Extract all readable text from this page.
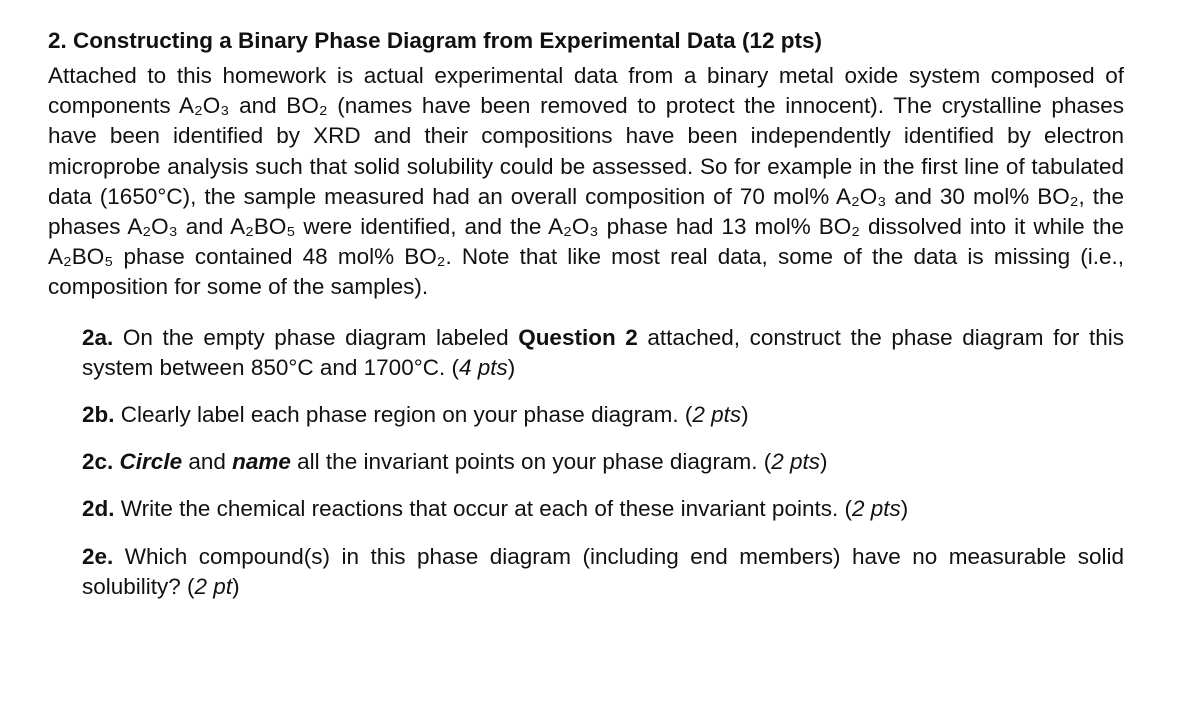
2. Constructing a Binary Phase Diagram from Experimental Data (12 pts)

Attached to this homework is actual experimental data from a binary metal oxide system composed of components A₂O₃ and BO₂ (names have been removed to protect the innocent). The crystalline phases have been identified by XRD and their compositions have been independently identified by electron microprobe analysis such that solid solubility could be assessed. So for example in the first line of tabulated data (1650°C), the sample measured had an overall composition of 70 mol% A₂O₃ and 30 mol% BO₂, the phases A₂O₃ and A₂BO₅ were identified, and the A₂O₃ phase had 13 mol% BO₂ dissolved into it while the A₂BO₅ phase contained 48 mol% BO₂. Note that like most real data, some of the data is missing (i.e., composition for some of the samples).

2a. On the empty phase diagram labeled Question 2 attached, construct the phase diagram for this system between 850°C and 1700°C. (4 pts)

2b. Clearly label each phase region on your phase diagram. (2 pts)

2c. Circle and name all the invariant points on your phase diagram. (2 pts)

2d. Write the chemical reactions that occur at each of these invariant points. (2 pts)

2e. Which compound(s) in this phase diagram (including end members) have no measurable solid solubility? (2 pt)
